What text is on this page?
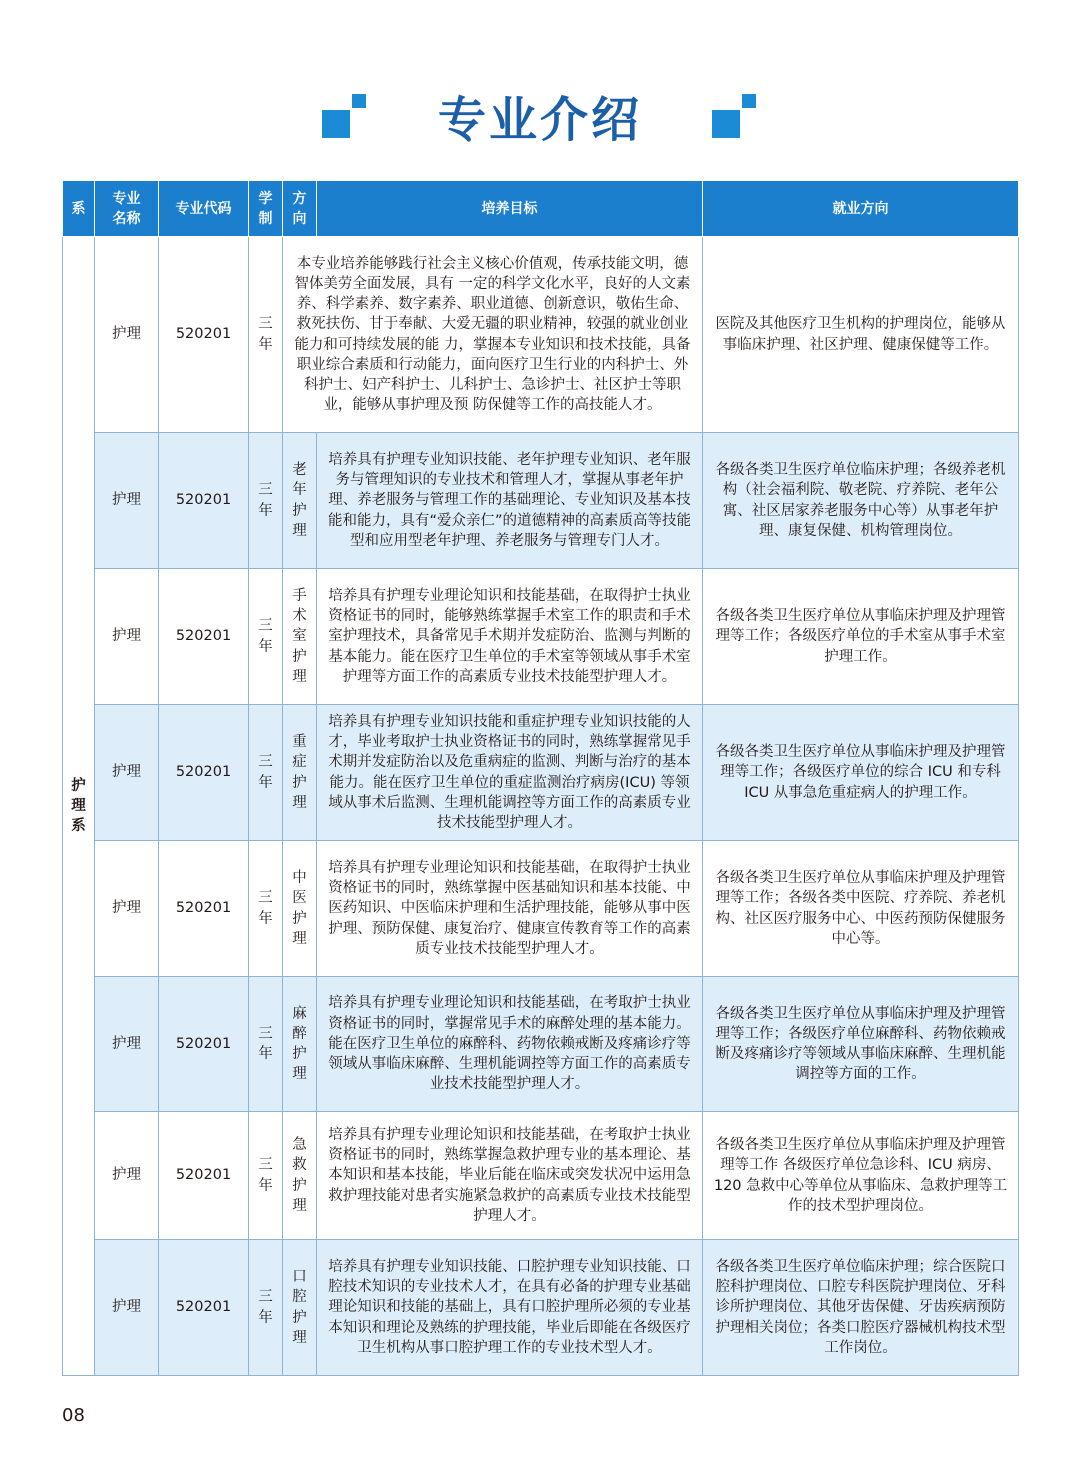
专业介绍
系	专业名称	专业代码	学制	方向	培养目标	就业方向
护理系	护理	520201	三年	本专业培养能够践行社会主义核心价值观，传承技能文明，德智体美劳全面发展，具有 一定的科学文化水平，良好的人文素养、科学素养、数字素养、职业道德、创新意识，敬佑生命、救死扶伤、甘于奉献、大爱无疆的职业精神，较强的就业创业能力和可持续发展的能 力，掌握本专业知识和技术技能，具备职业综合素质和行动能力，面向医疗卫生行业的内科护士、外科护士、妇产科护士、儿科护士、急诊护士、社区护士等职业，能够从事护理及预 防保健等工作的高技能人才。		医院及其他医疗卫生机构的护理岗位，能够从事临床护理、社区护理、健康保健等工作。
	护理	520201	三年	老年护理	培养具有护理专业知识技能、老年护理专业知识、老年服务与管理知识的专业技术和管理人才，掌握从事老年护理、养老服务与管理工作的基础理论、专业知识及基本技能和能力，具有“爱众亲仁”的道德精神的高素质高等技能型和应用型老年护理、养老服务与管理专门人才。	各级各类卫生医疗单位临床护理；各级养老机构（社会福利院、敬老院、疗养院、老年公寓、社区居家养老服务中心等）从事老年护理、康复保健、机构管理岗位。
	护理	520201	三年	手术室护理	培养具有护理专业理论知识和技能基础，在取得护士执业资格证书的同时，能够熟练掌握手术室工作的职责和手术室护理技术，具备常见手术期并发症防治、监测与判断的基本能力。能在医疗卫生单位的手术室等领域从事手术室护理等方面工作的高素质专业技术技能型护理人才。	各级各类卫生医疗单位从事临床护理及护理管理等工作；各级医疗单位的手术室从事手术室护理工作。
	护理	520201	三年	重症护理	培养具有护理专业知识技能和重症护理专业知识技能的人才，毕业考取护士执业资格证书的同时，熟练掌握常见手术期并发症防治以及危重病症的监测、判断与治疗的基本能力。能在医疗卫生单位的重症监测治疗病房(ICU) 等领域从事术后监测、生理机能调控等方面工作的高素质专业技术技能型护理人才。	各级各类卫生医疗单位从事临床护理及护理管理等工作；各级医疗单位的综合 ICU 和专科 ICU 从事急危重症病人的护理工作。
	护理	520201	三年	中医护理	培养具有护理专业理论知识和技能基础，在取得护士执业资格证书的同时，熟练掌握中医基础知识和基本技能、中医药知识、中医临床护理和生活护理技能，能够从事中医护理、预防保健、康复治疗、健康宣传教育等工作的高素质专业技术技能型护理人才。	各级各类卫生医疗单位从事临床护理及护理管理等工作；各级各类中医院、疗养院、养老机构、社区医疗服务中心、中医药预防保健服务中心等。
	护理	520201	三年	麻醉护理	培养具有护理专业理论知识和技能基础，在考取护士执业资格证书的同时，掌握常见手术的麻醉处理的基本能力。能在医疗卫生单位的麻醉科、药物依赖戒断及疼痛诊疗等领域从事临床麻醉、生理机能调控等方面工作的高素质专业技术技能型护理人才。	各级各类卫生医疗单位从事临床护理及护理管理等工作；各级医疗单位麻醉科、药物依赖戒断及疼痛诊疗等领域从事临床麻醉、生理机能调控等方面的工作。
	护理	520201	三年	急救护理	培养具有护理专业理论知识和技能基础，在考取护士执业资格证书的同时，熟练掌握急救护理专业的基本理论、基本知识和基本技能，毕业后能在临床或突发状况中运用急救护理技能对患者实施紧急救护的高素质专业技术技能型护理人才。	各级各类卫生医疗单位从事临床护理及护理管理等工作 各级医疗单位急诊科、ICU 病房、120 急救中心等单位从事临床、急救护理等工作的技术型护理岗位。
	护理	520201	三年	口腔护理	培养具有护理专业知识技能、口腔护理专业知识技能、口腔技术知识的专业技术人才，在具有必备的护理专业基础理论知识和技能的基础上，具有口腔护理所必须的专业基本知识和理论及熟练的护理技能，毕业后即能在各级医疗卫生机构从事口腔护理工作的专业技术型人才。	各级各类卫生医疗单位临床护理；综合医院口腔科护理岗位、口腔专科医院护理岗位、牙科诊所护理岗位、其他牙齿保健、牙齿疾病预防护理相关岗位；各类口腔医疗器械机构技术型工作岗位。
08
